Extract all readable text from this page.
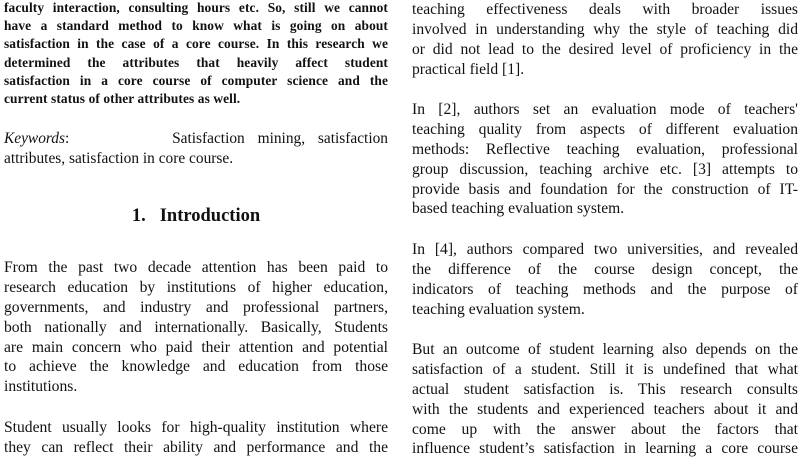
faculty interaction, consulting hours etc. So, still we cannot
have a standard method to know what is going on about
satisfaction in the case of a core course. In this research we
determined the attributes that heavily affect student
satisfaction in a core course of computer science and the
current status of other attributes as well.
Keywords:        Satisfaction mining, satisfaction
attributes, satisfaction in core course.
1. Introduction
From the past two decade attention has been paid to
research education by institutions of higher education,
governments, and industry and professional partners,
both nationally and internationally. Basically, Students
are main concern who paid their attention and potential
to achieve the knowledge and education from those
institutions.
Student usually looks for high-quality institution where
they can reflect their ability and performance and the
teaching effectiveness deals with broader issues
involved in understanding why the style of teaching did
or did not lead to the desired level of proficiency in the
practical field [1].
In [2], authors set an evaluation mode of teachers'
teaching quality from aspects of different evaluation
methods: Reflective teaching evaluation, professional
group discussion, teaching archive etc. [3] attempts to
provide basis and foundation for the construction of IT-
based teaching evaluation system.
In [4], authors compared two universities, and revealed
the difference of the course design concept, the
indicators of teaching methods and the purpose of
teaching evaluation system.
But an outcome of student learning also depends on the
satisfaction of a student. Still it is undefined that what
actual student satisfaction is. This research consults
with the students and experienced teachers about it and
come up with the answer about the factors that
influence student’s satisfaction in learning a core course
